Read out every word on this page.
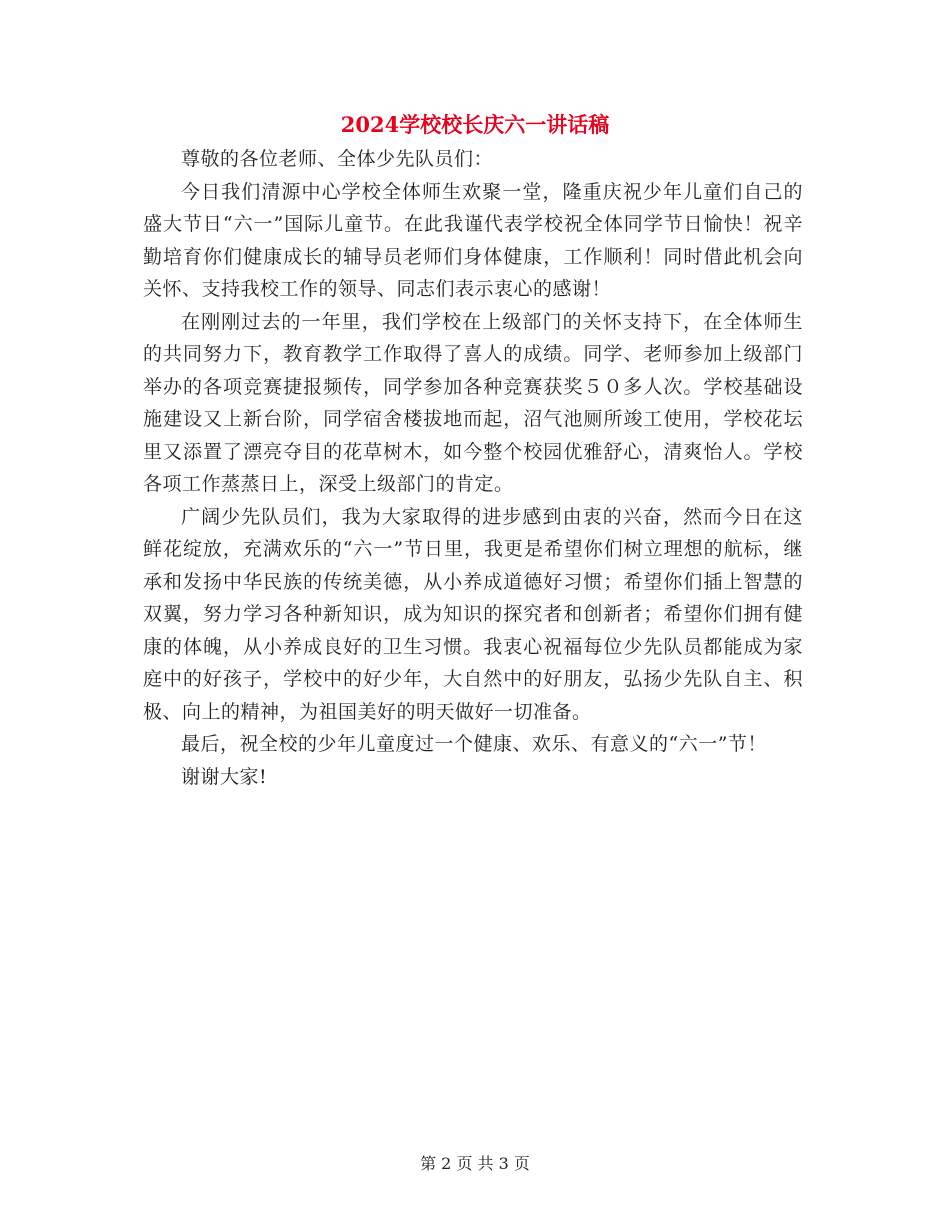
2024学校校长庆六一讲话稿

尊敬的各位老师、全体少先队员们：

今日我们清源中心学校全体师生欢聚一堂，隆重庆祝少年儿童们自己的盛大节日“六一”国际儿童节。在此我谨代表学校祝全体同学节日愉快！祝辛勤培育你们健康成长的辅导员老师们身体健康，工作顺利！同时借此机会向关怀、支持我校工作的领导、同志们表示衷心的感谢！

在刚刚过去的一年里，我们学校在上级部门的关怀支持下，在全体师生的共同努力下，教育教学工作取得了喜人的成绩。同学、老师参加上级部门举办的各项竞赛捷报频传，同学参加各种竞赛获奖５０多人次。学校基础设施建设又上新台阶，同学宿舍楼拔地而起，沼气池厕所竣工使用，学校花坛里又添置了漂亮夺目的花草树木，如今整个校园优雅舒心，清爽怡人。学校各项工作蒸蒸日上，深受上级部门的肯定。

广阔少先队员们，我为大家取得的进步感到由衷的兴奋，然而今日在这鲜花绽放，充满欢乐的“六一”节日里，我更是希望你们树立理想的航标，继承和发扬中华民族的传统美德，从小养成道德好习惯；希望你们插上智慧的双翼，努力学习各种新知识，成为知识的探究者和创新者；希望你们拥有健康的体魄，从小养成良好的卫生习惯。我衷心祝福每位少先队员都能成为家庭中的好孩子，学校中的好少年，大自然中的好朋友，弘扬少先队自主、积极、向上的精神，为祖国美好的明天做好一切准备。

最后，祝全校的少年儿童度过一个健康、欢乐、有意义的“六一”节！

谢谢大家!

第 2 页 共 3 页
